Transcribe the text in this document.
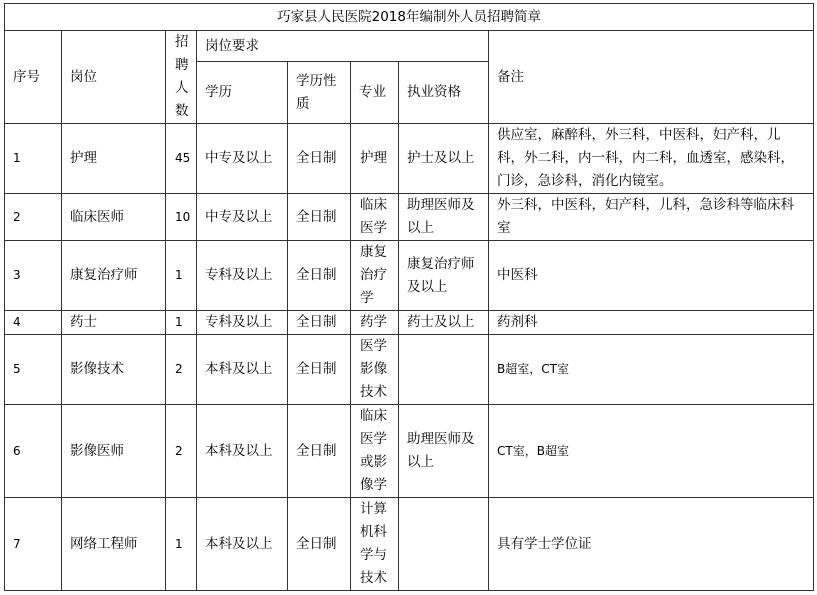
巧家县人民医院2018年编制外人员招聘简章							
序号	岗位	招聘人数	岗位要求				备注
			学历	学历性质	专业	执业资格	
1	护理	45	中专及以上	全日制	护理	护士及以上	供应室，麻醉科，外三科，中医科，妇产科，儿科，外二科，内一科，内二科，血透室，感染科，门诊，急诊科，消化内镜室。
2	临床医师	10	中专及以上	全日制	临床医学	助理医师及以上	外三科，中医科，妇产科，儿科，急诊科等临床科室
3	康复治疗师	1	专科及以上	全日制	康复治疗学	康复治疗师及以上	中医科
4	药士	1	专科及以上	全日制	药学	药士及以上	药剂科
5	影像技术	2	本科及以上	全日制	医学影像技术		B超室，CT室
6	影像医师	2	本科及以上	全日制	临床医学或影像学	助理医师及以上	CT室，B超室
7	网络工程师	1	本科及以上	全日制	计算机科学与技术		具有学士学位证
